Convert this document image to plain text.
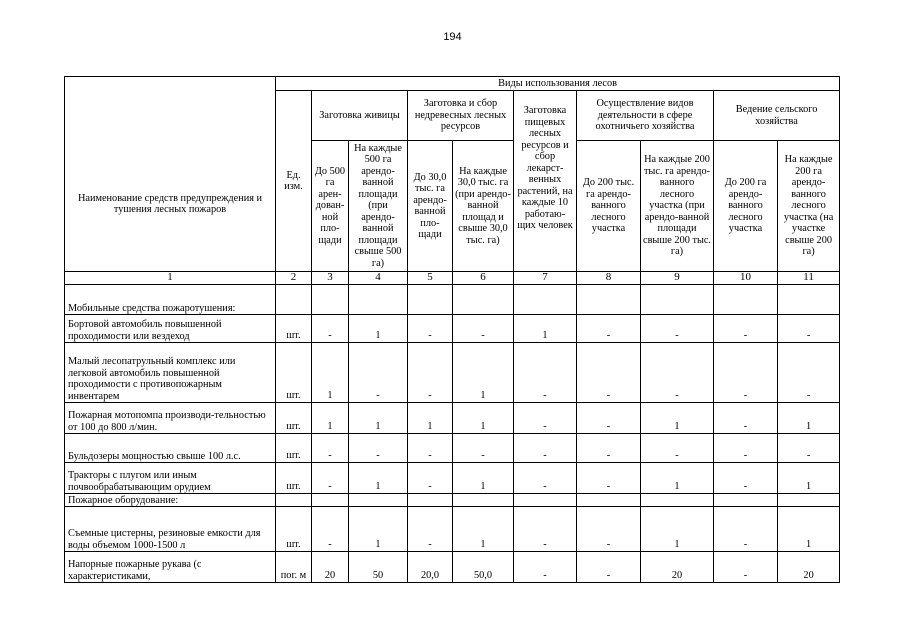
194
Наименование средств предупреждения и тушения лесных пожаров	Виды использования лесов									
	Ед. изм.	Заготовка живицы		Заготовка и сбор недревесных лесных ресурсов		Заготовка пищевых лесных ресурсов и сбор лекарст-венных растений, на каждые 10 работаю-щих человек	Осуществление видов деятельности в сфере охотничьего хозяйства		Ведение сельского хозяйства	
		До 500 га арен-дован-ной пло-щади	На каждые 500 га арендо-ванной площади (при арендо-ванной площади свыше 500 га)	До 30,0 тыс. га арендо-ванной пло-щади	На каждые 30,0 тыс. га (при арендо-ванной площад и свыше 30,0 тыс. га)		До 200 тыс. га арендо-ванного лесного участка	На каждые 200 тыс. га арендо-ванного лесного участка (при арендо-ванной площади свыше 200 тыс. га)	До 200 га арендо-ванного лесного участка	На каждые 200 га арендо-ванного лесного участка (на участке свыше 200 га)
1	2	3	4	5	6	7	8	9	10	11
Мобильные средства пожаротушения:										
Бортовой автомобиль повышенной проходимости или вездеход	шт.	-	1	-	-	1	-	-	-	-
Малый лесопатрульный комплекс или легковой автомобиль повышенной проходимости с противопожарным инвентарем	шт.	1	-	-	1	-	-	-	-	-
Пожарная мотопомпа производи-тельностью от 100 до 800 л/мин.	шт.	1	1	1	1	-	-	1	-	1
Бульдозеры мощностью свыше 100 л.с.	шт.	-	-	-	-	-	-	-	-	-
Тракторы с плугом или иным почвообрабатывающим орудием	шт.	-	1	-	1	-	-	1	-	1
Пожарное оборудование:										
Съемные цистерны, резиновые емкости для воды объемом 1000-1500 л	шт.	-	1	-	1	-	-	1	-	1
Напорные пожарные рукава (с характеристиками,	пог. м	20	50	20,0	50,0	-	-	20	-	20
